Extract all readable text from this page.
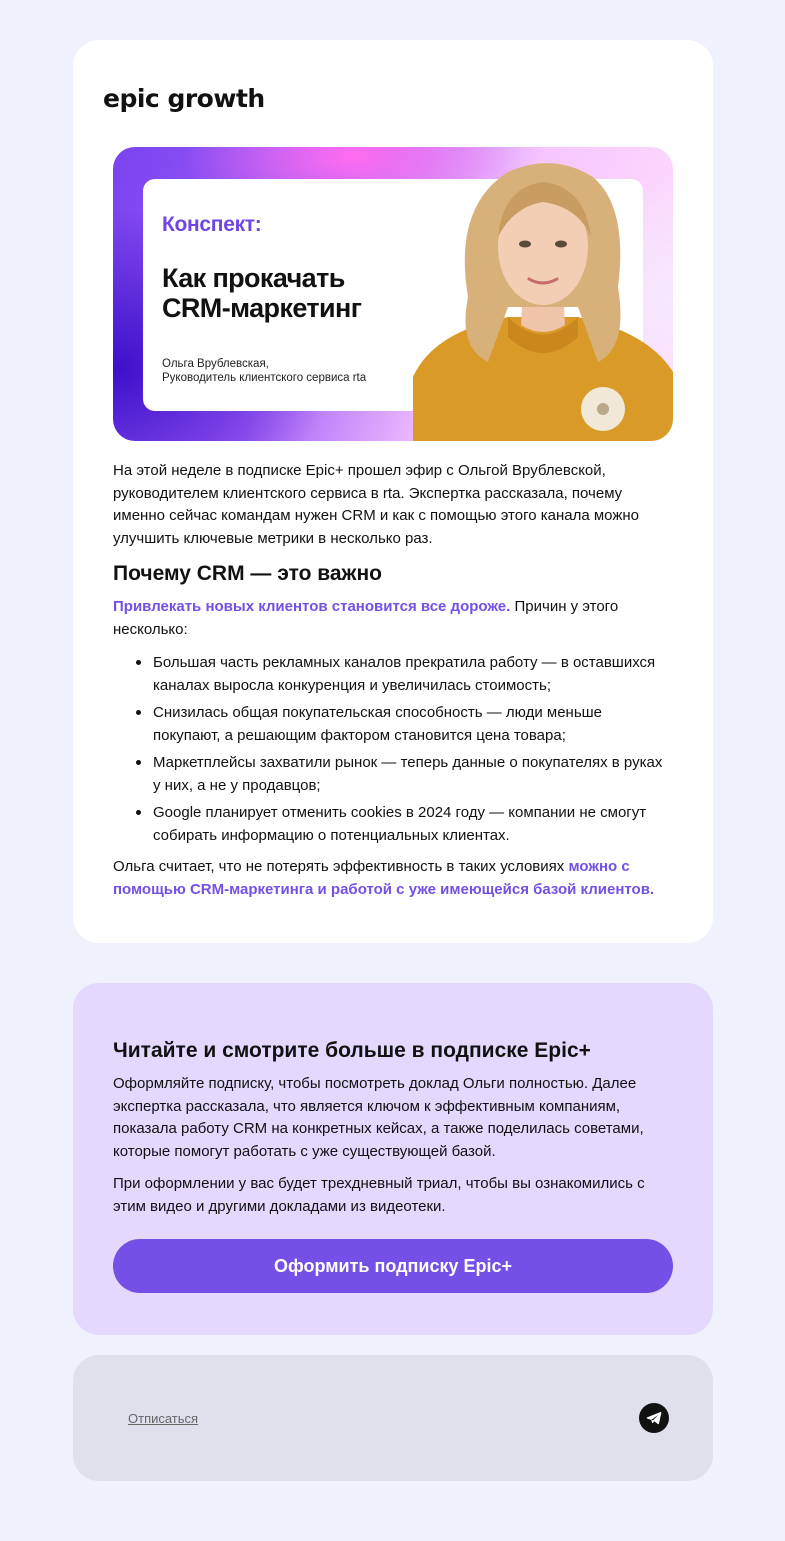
epic growth
Конспект:
Как прокачать
CRM-маркетинг
Ольга Врублевская,
Руководитель клиентского сервиса rta
На этой неделе в подписке Epic+ прошел эфир с Ольгой Врублевской, руководителем клиентского сервиса в rta. Экспертка рассказала, почему именно сейчас командам нужен CRM и как с помощью этого канала можно улучшить ключевые метрики в несколько раз.
Почему CRM — это важно
Привлекать новых клиентов становится все дороже. Причин у этого несколько:
Большая часть рекламных каналов прекратила работу — в оставшихся каналах выросла конкуренция и увеличилась стоимость;
Снизилась общая покупательская способность — люди меньше покупают, а решающим фактором становится цена товара;
Маркетплейсы захватили рынок — теперь данные о покупателях в руках у них, а не у продавцов;
Google планирует отменить cookies в 2024 году — компании не смогут собирать информацию о потенциальных клиентах.
Ольга считает, что не потерять эффективность в таких условиях можно с помощью CRM-маркетинга и работой с уже имеющейся базой клиентов.
Читайте и смотрите больше в подписке Epic+
Оформляйте подписку, чтобы посмотреть доклад Ольги полностью. Далее экспертка рассказала, что является ключом к эффективным компаниям, показала работу CRM на конкретных кейсах, а также поделилась советами, которые помогут работать с уже существующей базой.
При оформлении у вас будет трехдневный триал, чтобы вы ознакомились с этим видео и другими докладами из видеотеки.
Оформить подписку Epic+
Отписаться
